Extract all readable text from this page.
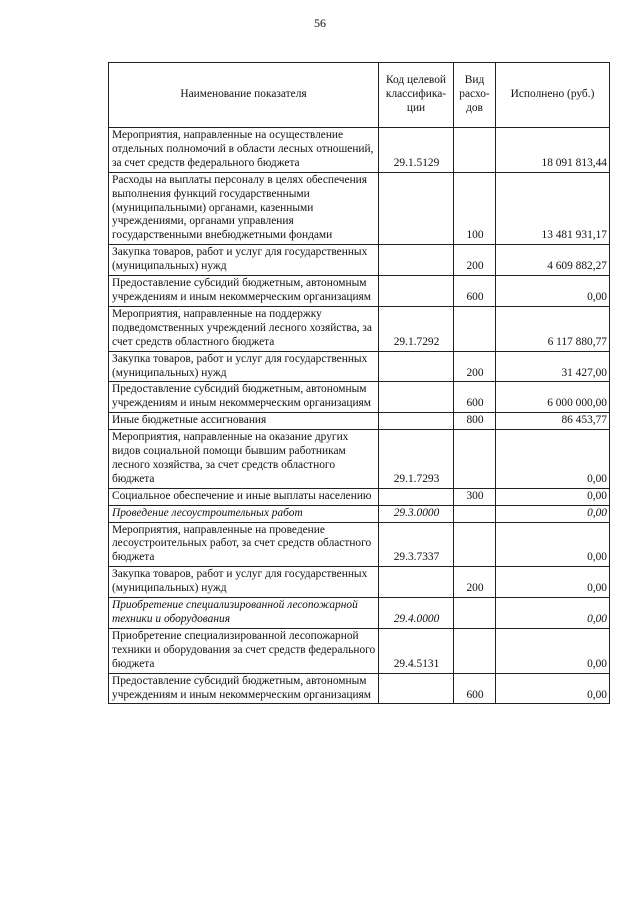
56
Наименование показателя	Код целевой классифика-ции	Вид расхо-дов	Исполнено (руб.)
Мероприятия, направленные на осуществление отдельных полномочий в области лесных отношений, за счет средств федерального бюджета	29.1.5129		18 091 813,44
Расходы на выплаты персоналу в целях обеспечения выполнения функций государственными (муниципальными) органами, казенными учреждениями, органами управления государственными внебюджетными фондами		100	13 481 931,17
Закупка товаров, работ и услуг для государственных (муниципальных) нужд		200	4 609 882,27
Предоставление субсидий бюджетным, автономным учреждениям и иным некоммерческим организациям		600	0,00
Мероприятия, направленные на поддержку подведомственных учреждений лесного хозяйства, за счет средств областного бюджета	29.1.7292		6 117 880,77
Закупка товаров, работ и услуг для государственных (муниципальных) нужд		200	31 427,00
Предоставление субсидий бюджетным, автономным учреждениям и иным некоммерческим организациям		600	6 000 000,00
Иные бюджетные ассигнования		800	86 453,77
Мероприятия, направленные на оказание других видов социальной помощи бывшим работникам лесного хозяйства, за счет средств областного бюджета	29.1.7293		0,00
Социальное обеспечение и иные выплаты населению		300	0,00
Проведение лесоустроительных работ	29.3.0000		0,00
Мероприятия, направленные на проведение лесоустроительных работ, за счет средств областного бюджета	29.3.7337		0,00
Закупка товаров, работ и услуг для государственных (муниципальных) нужд		200	0,00
Приобретение специализированной лесопожарной техники и оборудования	29.4.0000		0,00
Приобретение специализированной лесопожарной техники и оборудования за счет средств федерального бюджета	29.4.5131		0,00
Предоставление субсидий бюджетным, автономным учреждениям и иным некоммерческим организациям		600	0,00
